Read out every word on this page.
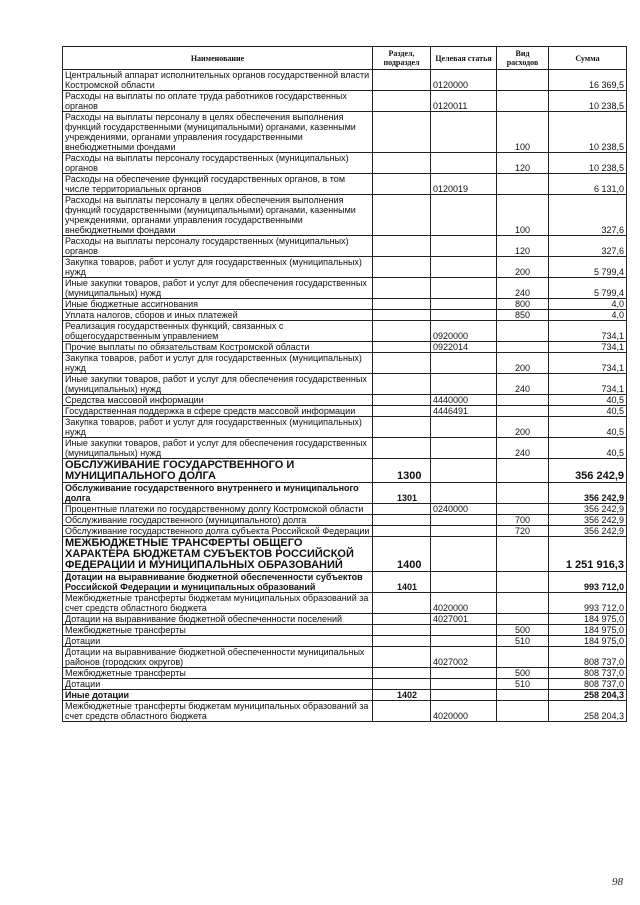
Наименование	Раздел, подраздел	Целевая статья	Вид расходов	Сумма
Центральный аппарат исполнительных органов государственной власти Костромской области		0120000		16 369,5
Расходы на выплаты по оплате труда работников государственных органов		0120011		10 238,5
Расходы на выплаты персоналу в целях обеспечения выполнения функций государственными (муниципальными) органами, казенными учреждениями, органами управления государственными внебюджетными фондами			100	10 238,5
Расходы на выплаты персоналу государственных (муниципальных) органов			120	10 238,5
Расходы на обеспечение функций государственных органов, в том числе территориальных органов		0120019		6 131,0
Расходы на выплаты персоналу в целях обеспечения выполнения функций государственными (муниципальными) органами, казенными учреждениями, органами управления государственными внебюджетными фондами			100	327,6
Расходы на выплаты персоналу государственных (муниципальных) органов			120	327,6
Закупка товаров, работ и услуг для государственных (муниципальных) нужд			200	5 799,4
Иные закупки товаров, работ и услуг для обеспечения государственных (муниципальных) нужд			240	5 799,4
Иные бюджетные ассигнования			800	4,0
Уплата налогов, сборов и иных платежей			850	4,0
Реализация государственных функций, связанных с общегосударственным управлением		0920000		734,1
Прочие выплаты по обязательствам Костромской области		0922014		734,1
Закупка товаров, работ и услуг для государственных (муниципальных) нужд			200	734,1
Иные закупки товаров, работ и услуг для обеспечения государственных (муниципальных) нужд			240	734,1
Средства массовой информации		4440000		40,5
Государственная поддержка в сфере средств массовой информации		4446491		40,5
Закупка товаров, работ и услуг для государственных (муниципальных) нужд			200	40,5
Иные закупки товаров, работ и услуг для обеспечения государственных (муниципальных) нужд			240	40,5
ОБСЛУЖИВАНИЕ ГОСУДАРСТВЕННОГО И МУНИЦИПАЛЬНОГО ДОЛГА	1300			356 242,9
Обслуживание государственного внутреннего и муниципального долга	1301			356 242,9
Процентные платежи по государственному долгу Костромской области		0240000		356 242,9
Обслуживание государственного (муниципального) долга			700	356 242,9
Обслуживание государственного долга субъекта Российской Федерации			720	356 242,9
МЕЖБЮДЖЕТНЫЕ ТРАНСФЕРТЫ ОБЩЕГО ХАРАКТЕРА БЮДЖЕТАМ СУБЪЕКТОВ РОССИЙСКОЙ ФЕДЕРАЦИИ И МУНИЦИПАЛЬНЫХ ОБРАЗОВАНИЙ	1400			1 251 916,3
Дотации на выравнивание бюджетной обеспеченности субъектов Российской Федерации и муниципальных образований	1401			993 712,0
Межбюджетные трансферты бюджетам муниципальных образований за счет средств областного бюджета		4020000		993 712,0
Дотации на выравнивание бюджетной обеспеченности поселений		4027001		184 975,0
Межбюджетные трансферты			500	184 975,0
Дотации			510	184 975,0
Дотации на выравнивание бюджетной обеспеченности муниципальных районов (городских округов)		4027002		808 737,0
Межбюджетные трансферты			500	808 737,0
Дотации			510	808 737,0
Иные дотации	1402			258 204,3
Межбюджетные трансферты бюджетам муниципальных образований за счет средств областного бюджета		4020000		258 204,3
98
